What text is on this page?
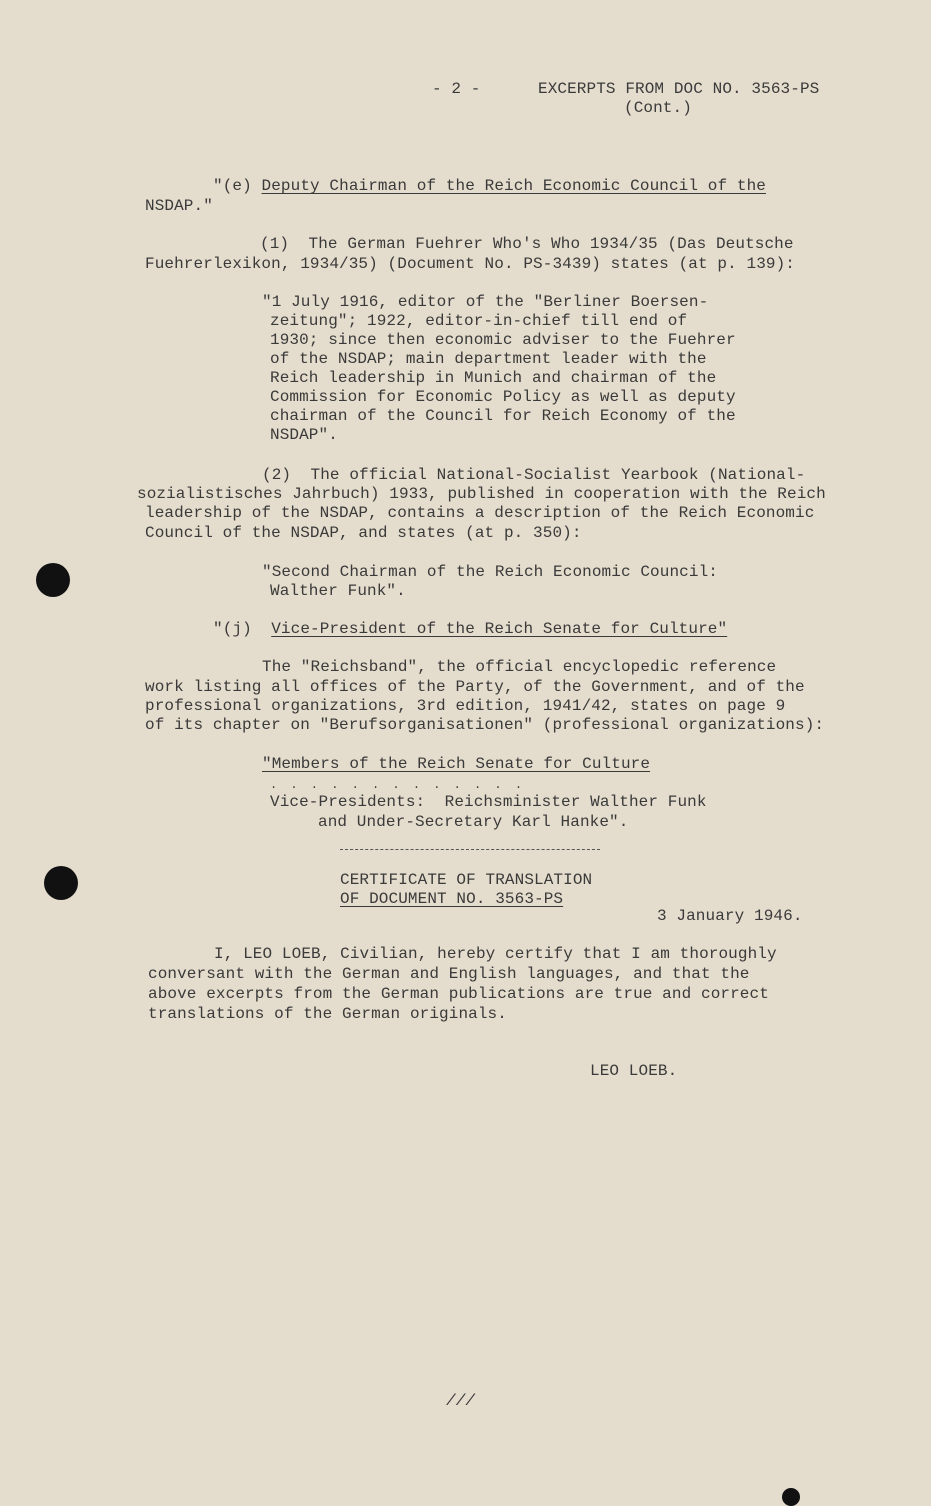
- 2 -	EXCERPTS FROM DOC NO. 3563-PS
(Cont.)
"(e) Deputy Chairman of the Reich Economic Council of the
NSDAP."
(1)  The German Fuehrer Who's Who 1934/35 (Das Deutsche
Fuehrerlexikon, 1934/35) (Document No. PS-3439) states (at p. 139):
"1 July 1916, editor of the "Berliner Boersen-
zeitung"; 1922, editor-in-chief till end of
1930; since then economic adviser to the Fuehrer
of the NSDAP; main department leader with the
Reich leadership in Munich and chairman of the
Commission for Economic Policy as well as deputy
chairman of the Council for Reich Economy of the
NSDAP".
(2)  The official National-Socialist Yearbook (National-
sozialistisches Jahrbuch) 1933, published in cooperation with the Reich
leadership of the NSDAP, contains a description of the Reich Economic
Council of the NSDAP, and states (at p. 350):
"Second Chairman of the Reich Economic Council:
Walther Funk".
"(j)  Vice-President of the Reich Senate for Culture"
The "Reichsband", the official encyclopedic reference
work listing all offices of the Party, of the Government, and of the
professional organizations, 3rd edition, 1941/42, states on page 9
of its chapter on "Berufsorganisationen" (professional organizations):
"Members of the Reich Senate for Culture
. . . . . . . . . . . . .
Vice-Presidents:  Reichsminister Walther Funk
and Under-Secretary Karl Hanke".
CERTIFICATE OF TRANSLATION
OF DOCUMENT NO. 3563-PS
3 January 1946.
I, LEO LOEB, Civilian, hereby certify that I am thoroughly
conversant with the German and English languages, and that the
above excerpts from the German publications are true and correct
translations of the German originals.
LEO LOEB.
///
